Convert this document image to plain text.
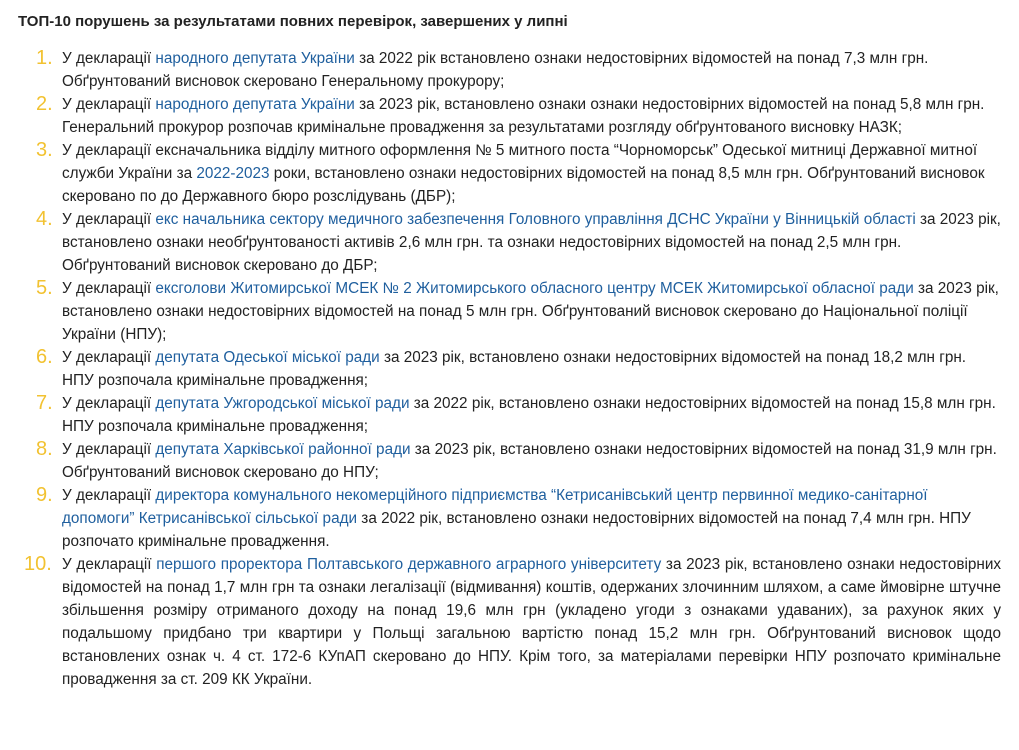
ТОП-10 порушень за результатами повних перевірок, завершених у липні
1. У декларації народного депутата України за 2022 рік встановлено ознаки недостовірних відомостей на понад 7,3 млн грн. Обґрунтований висновок скеровано Генеральному прокурору;
2. У декларації народного депутата України за 2023 рік, встановлено ознаки ознаки недостовірних відомостей на понад 5,8 млн грн. Генеральний прокурор розпочав кримінальне провадження за результатами розгляду обґрунтованого висновку НАЗК;
3. У декларації ексначальника відділу митного оформлення № 5 митного поста “Чорноморськ” Одеської митниці Державної митної служби України за 2022-2023 роки, встановлено ознаки недостовірних відомостей на понад 8,5 млн грн. Обґрунтований висновок скеровано по до Державного бюро розслідувань (ДБР);
4. У декларації екс начальника сектору медичного забезпечення Головного управління ДСНС України у Вінницькій області за 2023 рік, встановлено ознаки необґрунтованості активів 2,6 млн грн. та ознаки недостовірних відомостей на понад 2,5 млн грн. Обґрунтований висновок скеровано до ДБР;
5. У декларації ексголови Житомирської МСЕК № 2 Житомирського обласного центру МСЕК Житомирської обласної ради за 2023 рік, встановлено ознаки недостовірних відомостей на понад 5 млн грн. Обґрунтований висновок скеровано до Національної поліції України (НПУ);
6. У декларації депутата Одеської міської ради за 2023 рік, встановлено ознаки недостовірних відомостей на понад 18,2 млн грн. НПУ розпочала кримінальне провадження;
7. У декларації депутата Ужгородської міської ради за 2022 рік, встановлено ознаки недостовірних відомостей на понад 15,8 млн грн. НПУ розпочала кримінальне провадження;
8. У декларації депутата Харківської районної ради за 2023 рік, встановлено ознаки недостовірних відомостей на понад 31,9 млн грн. Обґрунтований висновок скеровано до НПУ;
9. У декларації директора комунального некомерційного підприємства “Кетрисанівський центр первинної медико-санітарної допомоги” Кетрисанівської сільської ради за 2022 рік, встановлено ознаки недостовірних відомостей на понад 7,4 млн грн. НПУ розпочато кримінальне провадження.
10. У декларації першого проректора Полтавського державного аграрного університету за 2023 рік, встановлено ознаки недостовірних відомостей на понад 1,7 млн грн та ознаки легалізації (відмивання) коштів, одержаних злочинним шляхом, а саме ймовірне штучне збільшення розміру отриманого доходу на понад 19,6 млн грн (укладено угоди з ознаками удаваних), за рахунок яких у подальшому придбано три квартири у Польщі загальною вартістю понад 15,2 млн грн. Обґрунтований висновок щодо встановлених ознак ч. 4 ст. 172-6 КУпАП скеровано до НПУ. Крім того, за матеріалами перевірки НПУ розпочато кримінальне провадження за ст. 209 КК України.
